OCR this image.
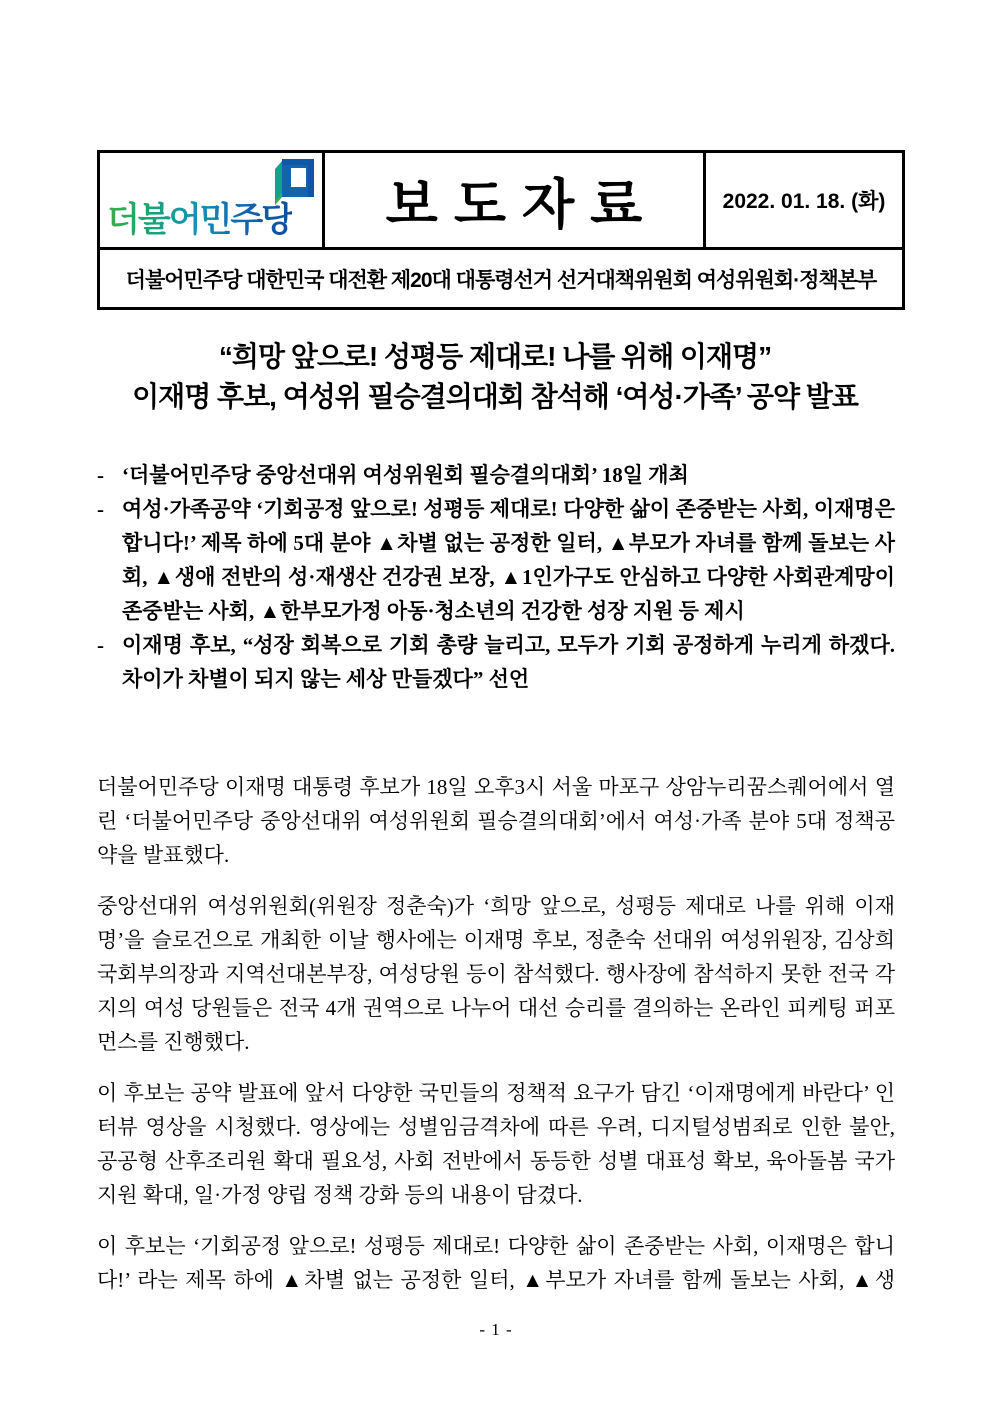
더불어민주당	보도자료	2022. 01. 18. (화)
더불어민주당 대한민국 대전환 제20대 대통령선거 선거대책위원회 여성위원회·정책본부
“희망 앞으로! 성평등 제대로! 나를 위해 이재명”
이재명 후보, 여성위 필승결의대회 참석해 ‘여성·가족’ 공약 발표
- ‘더불어민주당 중앙선대위 여성위원회 필승결의대회’ 18일 개최
- 여성·가족공약 ‘기회공정 앞으로! 성평등 제대로! 다양한 삶이 존중받는 사회, 이재명은 합니다!’ 제목 하에 5대 분야 ▲차별 없는 공정한 일터, ▲부모가 자녀를 함께 돌보는 사회, ▲생애 전반의 성·재생산 건강권 보장, ▲1인가구도 안심하고 다양한 사회관계망이 존중받는 사회, ▲한부모가정 아동·청소년의 건강한 성장 지원 등 제시
- 이재명 후보, “성장 회복으로 기회 총량 늘리고, 모두가 기회 공정하게 누리게 하겠다. 차이가 차별이 되지 않는 세상 만들겠다” 선언

더불어민주당 이재명 대통령 후보가 18일 오후3시 서울 마포구 상암누리꿈스퀘어에서 열린 ‘더불어민주당 중앙선대위 여성위원회 필승결의대회’에서 여성·가족 분야 5대 정책공약을 발표했다.

중앙선대위 여성위원회(위원장 정춘숙)가 ‘희망 앞으로, 성평등 제대로 나를 위해 이재명’을 슬로건으로 개최한 이날 행사에는 이재명 후보, 정춘숙 선대위 여성위원장, 김상희 국회부의장과 지역선대본부장, 여성당원 등이 참석했다. 행사장에 참석하지 못한 전국 각지의 여성 당원들은 전국 4개 권역으로 나누어 대선 승리를 결의하는 온라인 피케팅 퍼포먼스를 진행했다.

이 후보는 공약 발표에 앞서 다양한 국민들의 정책적 요구가 담긴 ‘이재명에게 바란다’ 인터뷰 영상을 시청했다. 영상에는 성별임금격차에 따른 우려, 디지털성범죄로 인한 불안, 공공형 산후조리원 확대 필요성, 사회 전반에서 동등한 성별 대표성 확보, 육아돌봄 국가 지원 확대, 일·가정 양립 정책 강화 등의 내용이 담겼다.

이 후보는 ‘기회공정 앞으로! 성평등 제대로! 다양한 삶이 존중받는 사회, 이재명은 합니다!’ 라는 제목 하에 ▲차별 없는 공정한 일터, ▲부모가 자녀를 함께 돌보는 사회, ▲생

- 1 -
